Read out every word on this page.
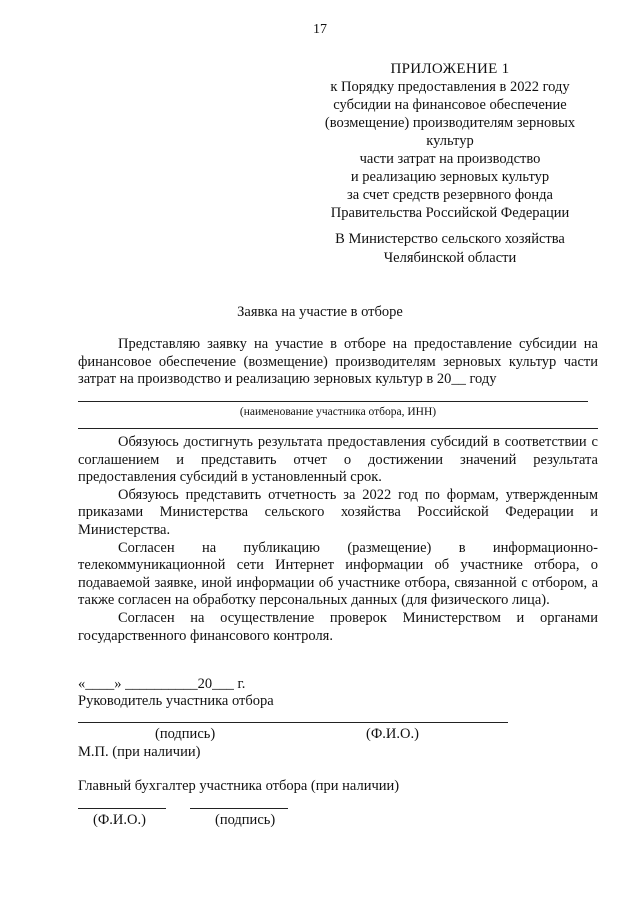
17
ПРИЛОЖЕНИЕ 1
к Порядку предоставления в 2022 году
субсидии на финансовое обеспечение
(возмещение) производителям зерновых
культур
части затрат на производство
и реализацию зерновых культур
за счет средств резервного фонда
Правительства Российской Федерации
В Министерство сельского хозяйства
Челябинской области
Заявка на участие в отборе

Представляю заявку на участие в отборе на предоставление субсидии на финансовое обеспечение (возмещение) производителям зерновых культур части затрат на производство и реализацию зерновых культур в 20__ году

(наименование участника отбора, ИНН)

Обязуюсь достигнуть результата предоставления субсидий в соответствии с соглашением и представить отчет о достижении значений результата предоставления субсидий в установленный срок.

Обязуюсь представить отчетность за 2022 год по формам, утвержденным приказами Министерства сельского хозяйства Российской Федерации и Министерства.

Согласен на публикацию (размещение) в информационно-телекоммуникационной сети Интернет информации об участнике отбора, о подаваемой заявке, иной информации об участнике отбора, связанной с отбором, а также согласен на обработку персональных данных (для физического лица).

Согласен на осуществление проверок Министерством и органами государственного финансового контроля.

«____» __________20___ г.
Руководитель участника отбора
(подпись)	(Ф.И.О.)
М.П. (при наличии)
Главный бухгалтер участника отбора (при наличии)
(Ф.И.О.)	(подпись)
